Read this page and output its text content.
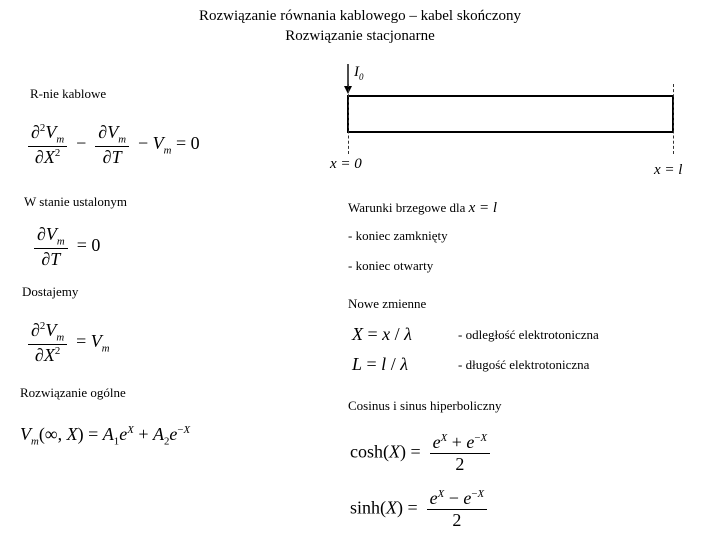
Rozwiązanie równania kablowego – kabel skończony
Rozwiązanie stacjonarne
R-nie kablowe
W stanie ustalonym
Dostajemy
Rozwiązanie ogólne
$\frac{\partial^2V_m}{\partial X^2} - \frac{\partial V_m}{\partial T} - V_m = 0$
$\frac{\partial V_m}{\partial T} = 0$
$\frac{\partial^2V_m}{\partial X^2} = V_m$
$V_m(\infty$, $X) = A_1e^X + A_2e^{-X}$
$I_0$
x = 0	x = l
Warunki brzegowe dla x = l
- koniec zamknięty
- koniec otwarty
Nowe zmienne
X = x / λ	- odległość elektrotoniczna
L = l / λ	- długość elektrotoniczna
Cosinus i sinus hiperboliczny
$\cosh(X) = \frac{e^X + e^{-X}}{2}$
$\sinh(X) = \frac{e^X - e^{-X}}{2}$
